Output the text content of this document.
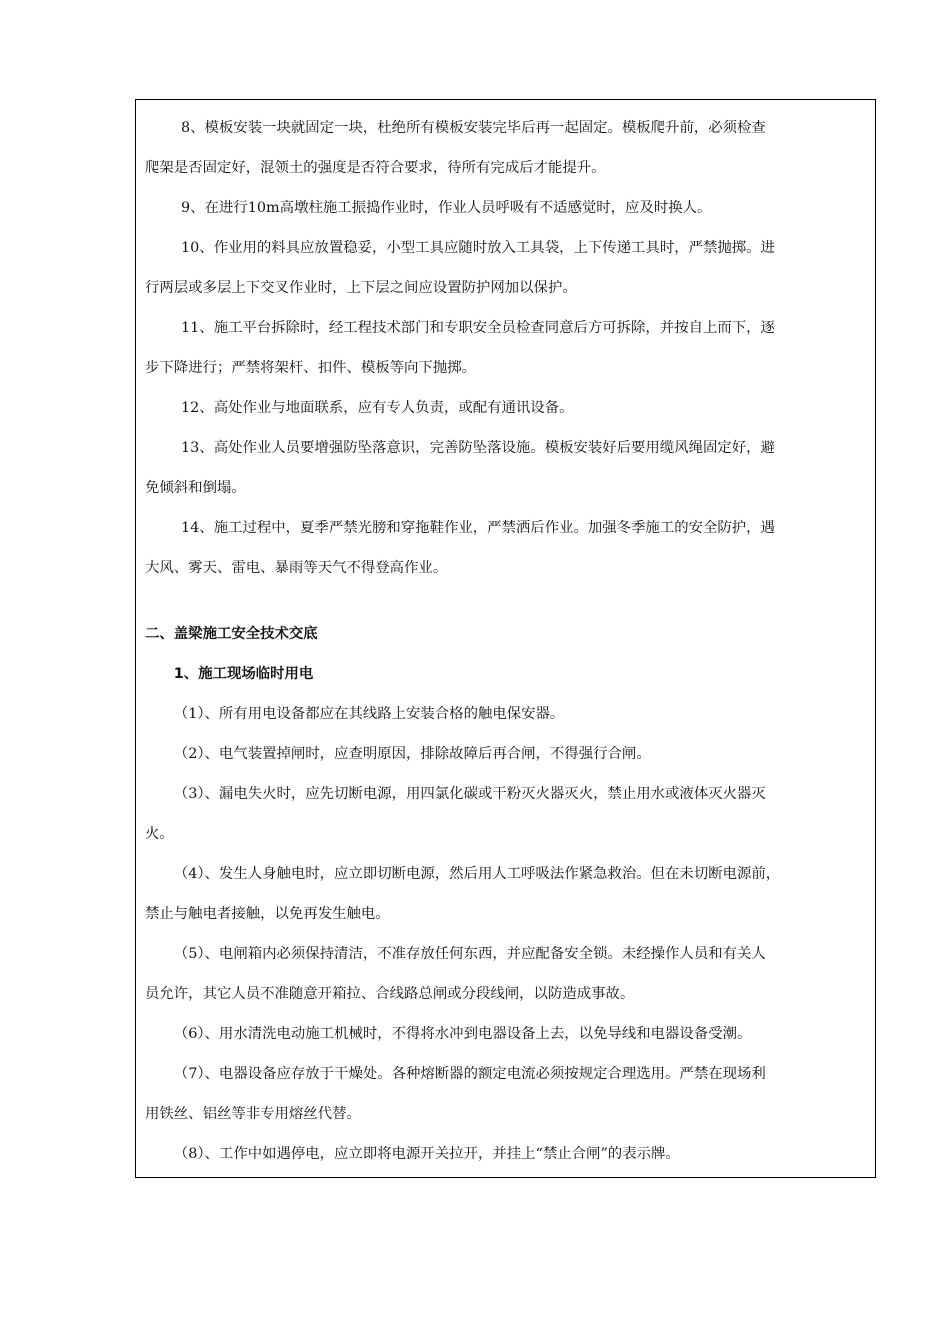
8、模板安装一块就固定一块，杜绝所有模板安装完毕后再一起固定。模板爬升前，必须检查

爬架是否固定好，混领土的强度是否符合要求，待所有完成后才能提升。

9、在进行10m高墩柱施工振捣作业时，作业人员呼吸有不适感觉时，应及时换人。

10、作业用的料具应放置稳妥，小型工具应随时放入工具袋，上下传递工具时，严禁抛掷。进

行两层或多层上下交叉作业时，上下层之间应设置防护网加以保护。

11、施工平台拆除时，经工程技术部门和专职安全员检查同意后方可拆除，并按自上而下，逐

步下降进行；严禁将架杆、扣件、模板等向下抛掷。

12、高处作业与地面联系，应有专人负责，或配有通讯设备。

13、高处作业人员要增强防坠落意识，完善防坠落设施。模板安装好后要用缆风绳固定好，避

免倾斜和倒塌。

14、施工过程中，夏季严禁光膀和穿拖鞋作业，严禁洒后作业。加强冬季施工的安全防护，遇

大风、雾天、雷电、暴雨等天气不得登高作业。

二、盖梁施工安全技术交底

1、施工现场临时用电

（1）、所有用电设备都应在其线路上安装合格的触电保安器。

（2）、电气装置掉闸时，应查明原因，排除故障后再合闸，不得强行合闸。

（3）、漏电失火时，应先切断电源，用四氯化碳或干粉灭火器灭火，禁止用水或液体灭火器灭

火。

（4）、发生人身触电时，应立即切断电源，然后用人工呼吸法作紧急救治。但在未切断电源前，

禁止与触电者接触，以免再发生触电。

（5）、电闸箱内必须保持清洁，不准存放任何东西，并应配备安全锁。未经操作人员和有关人

员允许，其它人员不准随意开箱拉、合线路总闸或分段线闸，以防造成事故。

（6）、用水清洗电动施工机械时，不得将水冲到电器设备上去，以免导线和电器设备受潮。

（7）、电器设备应存放于干燥处。各种熔断器的额定电流必须按规定合理选用。严禁在现场利

用铁丝、铝丝等非专用熔丝代替。

（8）、工作中如遇停电，应立即将电源开关拉开，并挂上“禁止合闸”的表示牌。
